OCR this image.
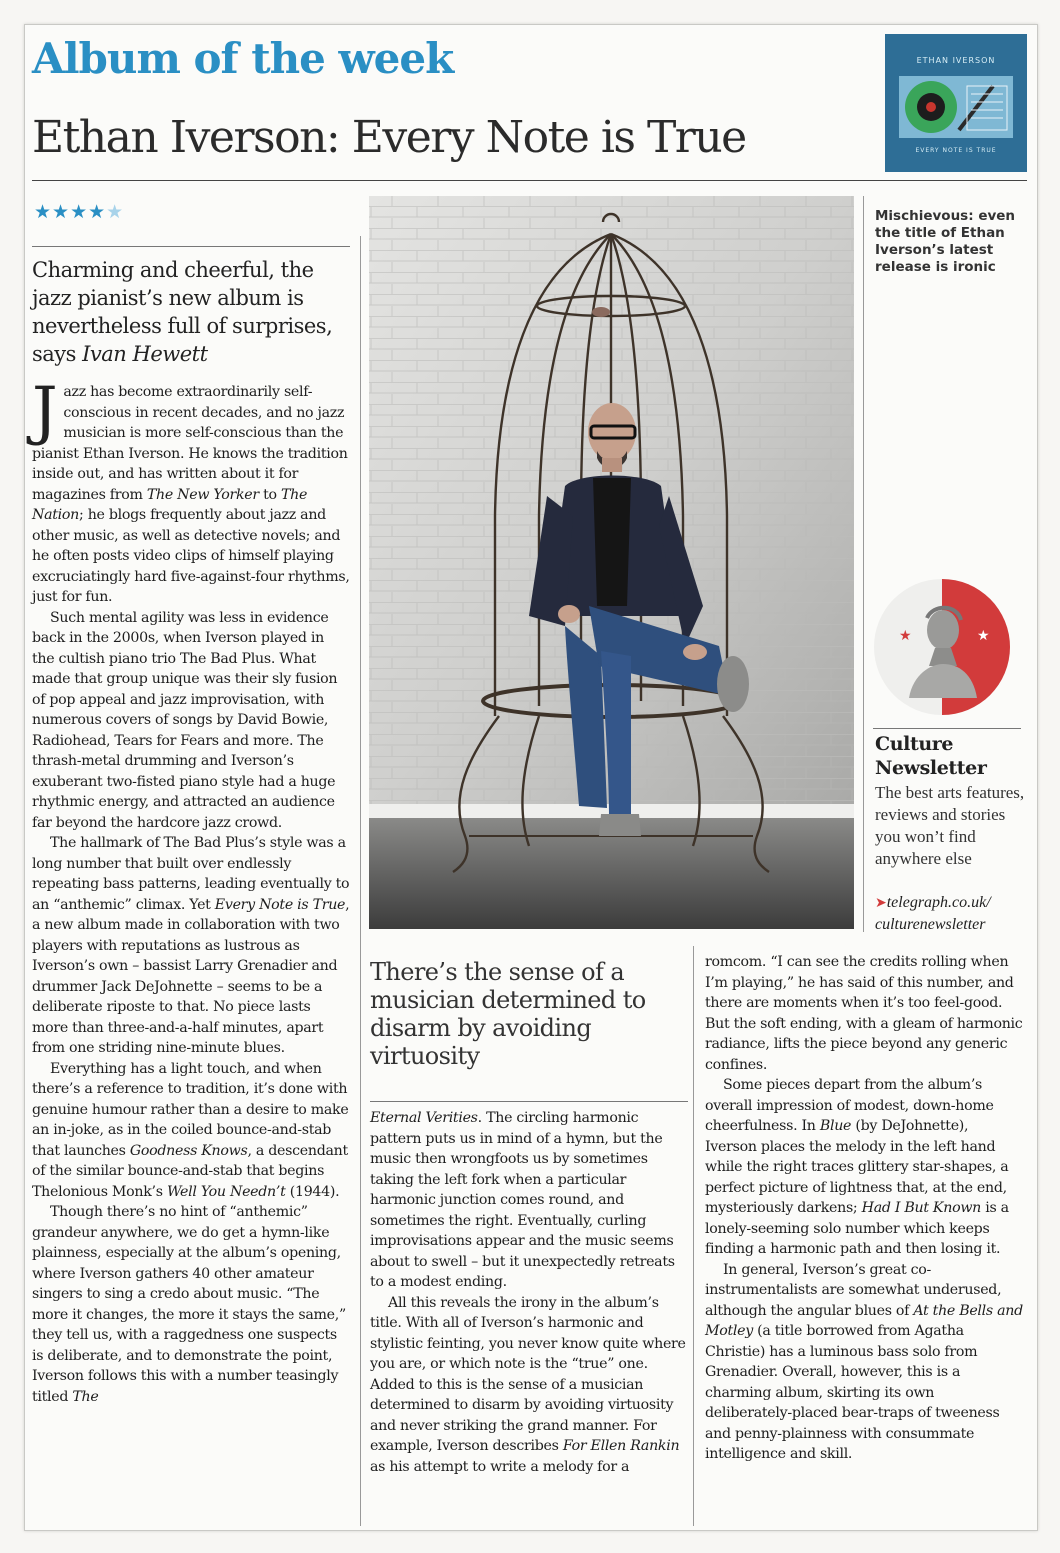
Album of the week
Ethan Iverson: Every Note is True
ETHAN IVERSON
EVERY NOTE IS TRUE
★★★★★
Charming and cheerful, the jazz pianist’s new album is nevertheless full of surprises, says Ivan Hewett

Jazz has become extraordinarily self-conscious in recent decades, and no jazz musician is more self-conscious than the pianist Ethan Iverson. He knows the tradition inside out, and has written about it for magazines from The New Yorker to The Nation; he blogs frequently about jazz and other music, as well as detective novels; and he often posts video clips of himself playing excruciatingly hard five-against-four rhythms, just for fun.

Such mental agility was less in evidence back in the 2000s, when Iverson played in the cultish piano trio The Bad Plus. What made that group unique was their sly fusion of pop appeal and jazz improvisation, with numerous covers of songs by David Bowie, Radiohead, Tears for Fears and more. The thrash-metal drumming and Iverson’s exuberant two-fisted piano style had a huge rhythmic energy, and attracted an audience far beyond the hardcore jazz crowd.

The hallmark of The Bad Plus’s style was a long number that built over endlessly repeating bass patterns, leading eventually to an “anthemic” climax. Yet Every Note is True, a new album made in collaboration with two players with reputations as lustrous as Iverson’s own – bassist Larry Grenadier and drummer Jack DeJohnette – seems to be a deliberate riposte to that. No piece lasts more than three-and-a-half minutes, apart from one striding nine-minute blues.

Everything has a light touch, and when there’s a reference to tradition, it’s done with genuine humour rather than a desire to make an in-joke, as in the coiled bounce-and-stab that launches Goodness Knows, a descendant of the similar bounce-and-stab that begins Thelonious Monk’s Well You Needn’t (1944).

Though there’s no hint of “anthemic” grandeur anywhere, we do get a hymn-like plainness, especially at the album’s opening, where Iverson gathers 40 other amateur singers to sing a credo about music. “The more it changes, the more it stays the same,” they tell us, with a raggedness one suspects is deliberate, and to demonstrate the point, Iverson follows this with a number teasingly titled The

Mischievous: even the title of Ethan Iverson’s latest release is ironic
★	★
Culture Newsletter
The best arts features, reviews and stories you won’t find anywhere else
➤telegraph.co.uk/ culturenewsletter
There’s the sense of a musician determined to disarm by avoiding virtuosity

Eternal Verities. The circling harmonic pattern puts us in mind of a hymn, but the music then wrongfoots us by sometimes taking the left fork when a particular harmonic junction comes round, and sometimes the right. Eventually, curling improvisations appear and the music seems about to swell – but it unexpectedly retreats to a modest ending.

All this reveals the irony in the album’s title. With all of Iverson’s harmonic and stylistic feinting, you never know quite where you are, or which note is the “true” one. Added to this is the sense of a musician determined to disarm by avoiding virtuosity and never striking the grand manner. For example, Iverson describes For Ellen Rankin as his attempt to write a melody for a

romcom. “I can see the credits rolling when I’m playing,” he has said of this number, and there are moments when it’s too feel-good. But the soft ending, with a gleam of harmonic radiance, lifts the piece beyond any generic confines.

Some pieces depart from the album’s overall impression of modest, down-home cheerfulness. In Blue (by DeJohnette), Iverson places the melody in the left hand while the right traces glittery star-shapes, a perfect picture of lightness that, at the end, mysteriously darkens; Had I But Known is a lonely-seeming solo number which keeps finding a harmonic path and then losing it.

In general, Iverson’s great co-instrumentalists are somewhat underused, although the angular blues of At the Bells and Motley (a title borrowed from Agatha Christie) has a luminous bass solo from Grenadier. Overall, however, this is a charming album, skirting its own deliberately-placed bear-traps of tweeness and penny-plainness with consummate intelligence and skill.
